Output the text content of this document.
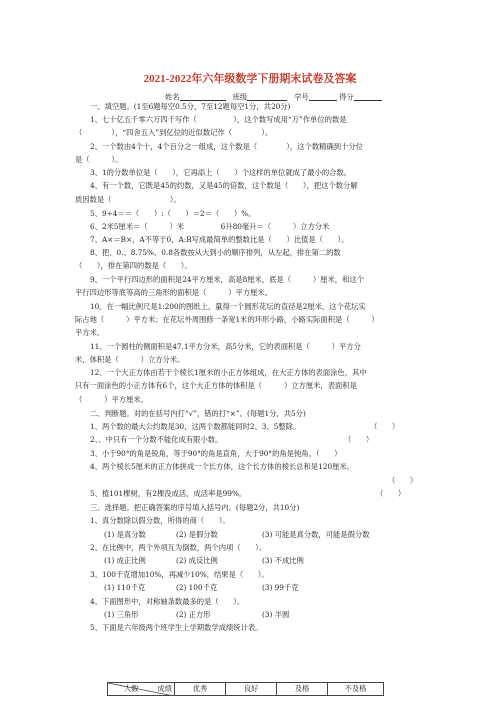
2021-2022年六年级数学下册期末试卷及答案
姓名	班级	学号	得分
一、填空题。(1至6题每空0.5分，7至12题每空1分，共20分)
1、七十亿五千零六万四千写作（　　　　　），这个数写成用“万”作单位的数是
（　　　　），“四舍五入”到亿位的近似数记作（　　　　）。
2、一个数由4个十，4个百分之一组成，这个数是（　　　　），这个数精确到十分位
是（　　　）。
3、1的分数单位是（　　），它再添上（　　）个这样的单位就成了最小的合数。
4、有一个数，它既是45的约数，又是45的倍数，这个数是（　　），把这个数分解
质因数是（　　　　　　　　）。
5、9÷4＝＝（　　）:（　　）＝2＝（　　）%。
6、2米5厘米＝（　　　）米　　　　　6升80毫升＝（　　　）立方分米
7、A×＝B×，A不等于0，A:B写成最简单的整数比是（　　）比值是（　　）。
8、把、0.、8.75%、0.8各数按从大到小的顺序排列，从左起，排在第二的数
（　　），排在第四的数是（　　）。
9、一个平行四边形的面积是24平方厘米，高是8厘米，底是（　　　）厘米，和这个
平行四边形等底等高的三角形的面积是（　　　）平方厘米。
10、在一幅比例尺是1:200的图纸上，量得一个圆形花坛的直径是2厘米，这个花坛实
际占地（　　　）平方米；在花坛外周围修一条宽1米的环形小路，小路实际面积是（　　　）
平方米。
11、一个圆柱的侧面积是47.1平方分米，高5分米，它的表面积是（　　　）平方分
米，体积是（　　　）立方分米。
12、一个大正方体由若干个棱长1厘米的小正方体组成，在大正方体的表面涂色，其中
只有一面涂色的小正方体有6个，这个大正方体的体积是（　　　）立方厘米，表面积是
（　　　）平方厘米。
二、判断题。对的在括号内打“√”，错的打“×”。(每题1分，共5分)
1、两个数的最大公约数是30，这两个数都能同时2、3、5整除。	（　　）
2、、中只有一个分数不能化成有限小数。	（　　）
3、小于90°的角是锐角，等于90°的角是直角，大于90°的角是钝角。（　　）
4、两个棱长5厘米的正方体拼成一个长方体，这个长方体的棱长总和是120厘米。
（　　）
5、植101棵树，有2棵没成活，成活率是99%。	（　　）
三、选择题。把正确答案的序号填入括号内。(每题2分，共10分)
1、真分数除以假分数，所得的商（　　）。
(1) 是真分数	(2) 是假分数	(3) 可能是真分数，可能是假分数
2、在比例中，两个外项互为倒数，两个内项（　　）。
(1) 成正比例	(2) 成反比例	(3) 不成比例
3、100千克增加10%，再减少10%，结果是（　　）。
(1) 110千克	(2) 100千克	(3) 99千克
4、下面图形中，对称轴条数最多的是（　　）。
(1) 三角形	(2) 正方形	(3) 半圆
5、下面是六年级两个班学生上学期数学成绩统计表。
人数	成绩	优秀	良好	及格	不及格
